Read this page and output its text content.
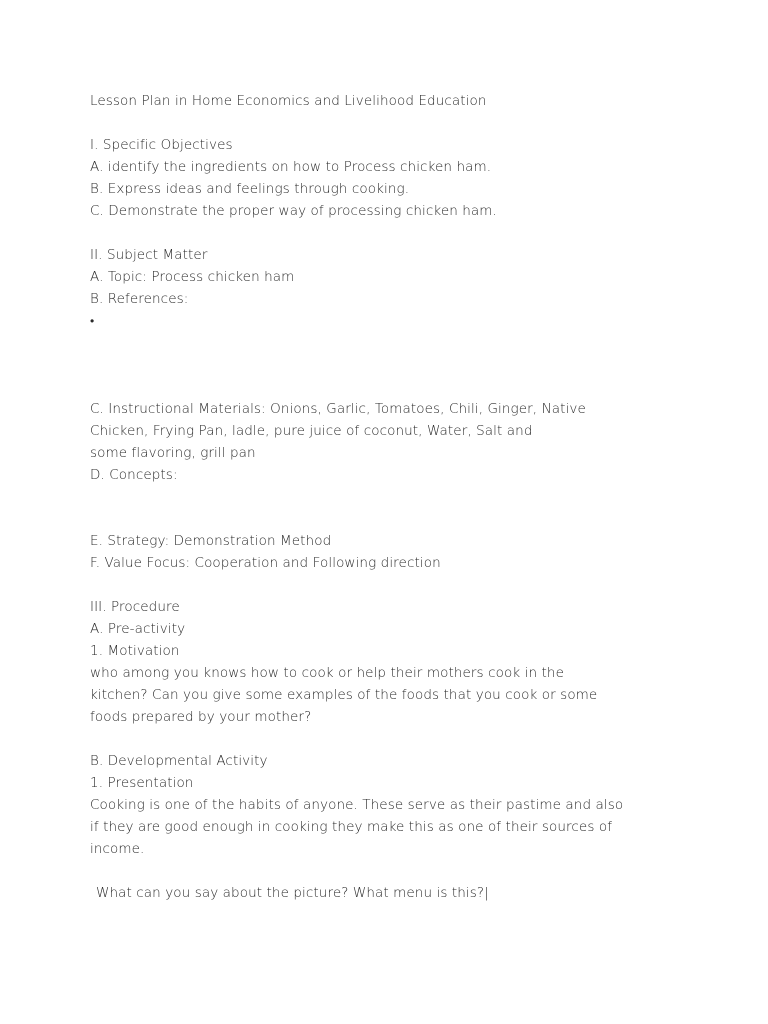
Lesson Plan in Home Economics and Livelihood Education
I. Specific Objectives
A. identify the ingredients on how to Process chicken ham.
B. Express ideas and feelings through cooking.
C. Demonstrate the proper way of processing chicken ham.
II. Subject Matter
A. Topic: Process chicken ham
B. References:
•
C. Instructional Materials: Onions, Garlic, Tomatoes, Chili, Ginger, Native
Chicken, Frying Pan, ladle, pure juice of coconut, Water, Salt and
some flavoring, grill pan
D. Concepts:
E. Strategy: Demonstration Method
F. Value Focus: Cooperation and Following direction
III. Procedure
A. Pre-activity
1. Motivation
who among you knows how to cook or help their mothers cook in the
kitchen? Can you give some examples of the foods that you cook or some
foods prepared by your mother?
B. Developmental Activity
1. Presentation
Cooking is one of the habits of anyone. These serve as their pastime and also
if they are good enough in cooking they make this as one of their sources of
income.
What can you say about the picture? What menu is this?|
